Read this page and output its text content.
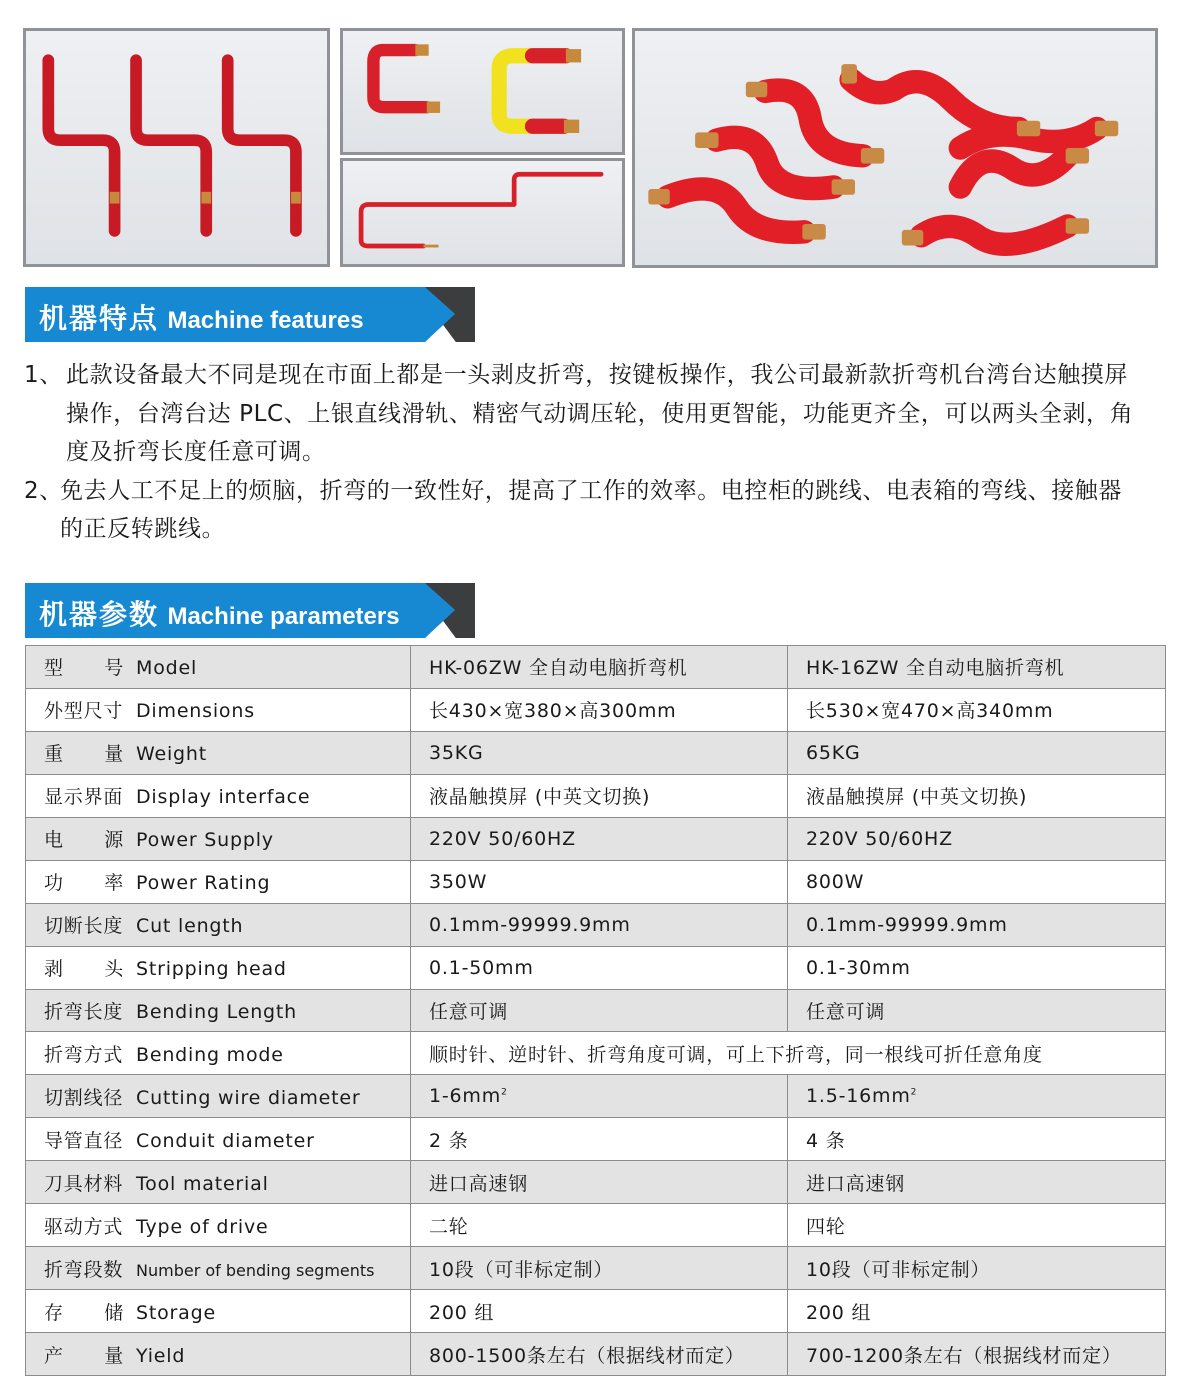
机器特点 Machine features
1、 此款设备最大不同是现在市面上都是一头剥皮折弯，按键板操作，我公司最新款折弯机台湾台达触摸屏操作，台湾台达 PLC、上银直线滑轨、精密气动调压轮，使用更智能，功能更齐全，可以两头全剥，角度及折弯长度任意可调。
2、
免去人工不足上的烦脑，折弯的一致性好，提高了工作的效率。电控柜的跳线、电表箱的弯线、接触器的正反转跳线。
机器参数 Machine parameters
型号 Model	HK-06ZW 全自动电脑折弯机	HK-16ZW 全自动电脑折弯机
外型尺寸 Dimensions	长430×宽380×高300mm	长530×宽470×高340mm
重量 Weight	35KG	65KG
显示界面 Display interface	液晶触摸屏 (中英文切换)	液晶触摸屏 (中英文切换)
电源 Power Supply	220V 50/60HZ	220V 50/60HZ
功率 Power Rating	350W	800W
切断长度 Cut length	0.1mm-99999.9mm	0.1mm-99999.9mm
剥头 Stripping head	0.1-50mm	0.1-30mm
折弯长度 Bending Length	任意可调	任意可调
折弯方式 Bending mode	顺时针、逆时针、折弯角度可调，可上下折弯，同一根线可折任意角度	
切割线径 Cutting wire diameter	$1-6mm^2$	$1.5-16mm^2$
导管直径 Conduit diameter	2 条	4 条
刀具材料 Tool material	进口高速钢	进口高速钢
驱动方式 Type of drive	二轮	四轮
折弯段数 Number of bending segments	10段（可非标定制）	10段（可非标定制）
存储 Storage	200 组	200 组
产量 Yield	800-1500条左右（根据线材而定）	700-1200条左右（根据线材而定）
